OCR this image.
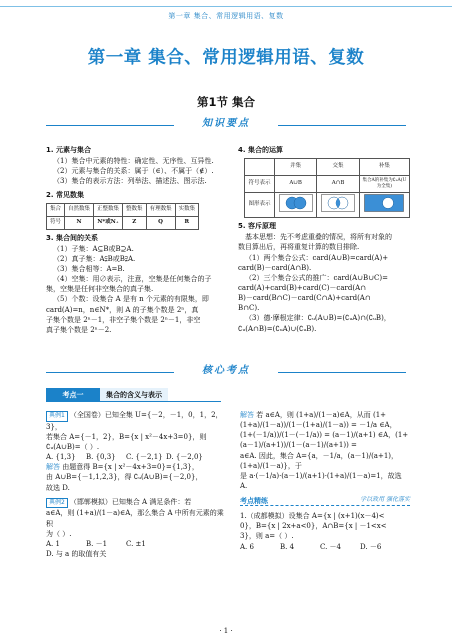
第一章 集合、常用逻辑用语、复数
第一章 集合、常用逻辑用语、复数
第1节 集合
知识要点
1. 元素与集合
（1）集合中元素的特性：确定性、无序性、互异性.
（2）元素与集合的关系：属于（∈）、不属于（∉）.
（3）集合的表示方法：列举法、描述法、图示法.
2. 常见数集
集合	自然数集	正整数集	整数集	有理数集	实数集
符号	N	N*或N₊	Z	Q	R
3. 集合间的关系
（1）子集：A⊆B或B⊇A.
（2）真子集：A⫋B或B⫌A.
（3）集合相等：A=B.
（4）空集：用∅表示，注意，空集是任何集合的子
集，空集是任何非空集合的真子集.
（5）个数：设集合 A 是有 n 个元素的有限集，即
card(A)=n，n∈N*，则 A 的子集个数是 2ⁿ，真
子集个数是 2ⁿ－1，非空子集个数是 2ⁿ－1，非空
真子集个数是 2ⁿ－2.
4. 集合的运算
	并集	交集	补集
符号表示	A∪B	A∩B	集合A的补集为∁ᵤA(U为全集)
图形表示			
5. 容斥原理
基本思想：先不考虑重叠的情况，将所有对象的
数目算出后，再将重复计算的数目排除.
（1）两个集合公式：card(A∪B)=card(A)+
card(B)－card(A∩B).
（2）三个集合公式的推广：card(A∪B∪C)=
card(A)+card(B)+card(C)－card(A∩
B)－card(B∩C)－card(C∩A)+card(A∩
B∩C).
（3）德·摩根定律：∁ᵤ(A∪B)=(∁ᵤA)∩(∁ᵤB)，
∁ᵤ(A∩B)=(∁ᵤA)∪(∁ᵤB).
核心考点
考点一	集合的含义与表示
典例1 （全国卷）已知全集 U={－2，－1，0，1，2，3}，
若集合 A={－1，2}，B={x | x²－4x+3=0}，则
∁ᵤ(A∪B)=（ ）.
A. {1,3} B. {0,3} C. {－2,1} D. {－2,0}
解答 由题意得 B={x | x²－4x+3=0}={1,3}，
由 A∪B={－1,1,2,3}，得 ∁ᵤ(A∪B)={－2,0}，
故选 D.
典例2 （邯郸模拟）已知集合 A 满足条件：若
a∈A，则 (1+a)/(1－a)∈A，那么集合 A 中所有元素的乘积
为（ ）.
A. 1	B. －1	C. ±1D. 与 a 的取值有关
解答 若 a∈A，则 (1+a)/(1－a)∈A，从而 (1+(1+a)/(1－a))/(1－(1+a)/(1－a)) = －1/a ∈A，
(1+(－1/a))/(1－(－1/a)) = (a－1)/(a+1) ∈A，(1+(a－1)/(a+1))/(1－(a－1)/(a+1)) =
a∈A. 因此，集合 A={a，－1/a，(a－1)/(a+1)，(1+a)/(1－a)}，于
是 a·(－1/a)·(a－1)/(a+1)·(1+a)/(1－a)=1，故选 A.
考点精练	学以致用 强化落实
1.（成都模拟）设集合 A={x | (x+1)(x－4)<
0}，B={x | 2x+a<0}，A∩B={x | －1<x<
3}，则 a=（ ）.
A. 6	B. 4	C. －4	D. －6
· 1 ·
